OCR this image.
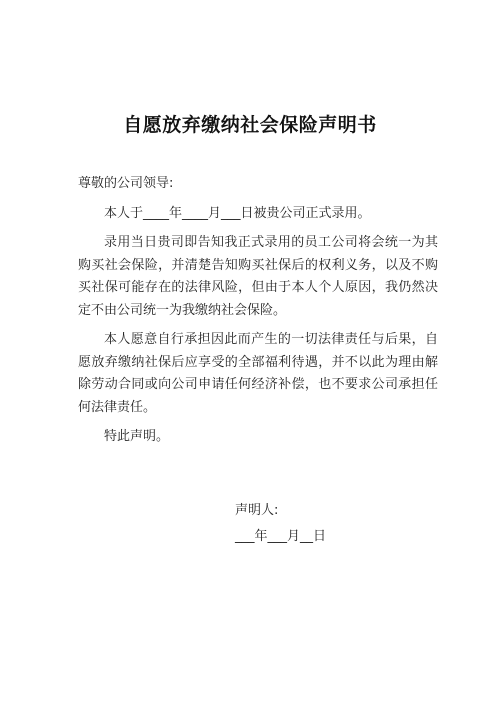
自愿放弃缴纳社会保险声明书

尊敬的公司领导:

本人于____年____月___日被贵公司正式录用。

录用当日贵司即告知我正式录用的员工公司将会统一为其购买社会保险，并清楚告知购买社保后的权利义务，以及不购买社保可能存在的法律风险，但由于本人个人原因，我仍然决定不由公司统一为我缴纳社会保险。

本人愿意自行承担因此而产生的一切法律责任与后果，自愿放弃缴纳社保后应享受的全部福利待遇，并不以此为理由解除劳动合同或向公司申请任何经济补偿，也不要求公司承担任何法律责任。

特此声明。

声明人:
___年___月__日
